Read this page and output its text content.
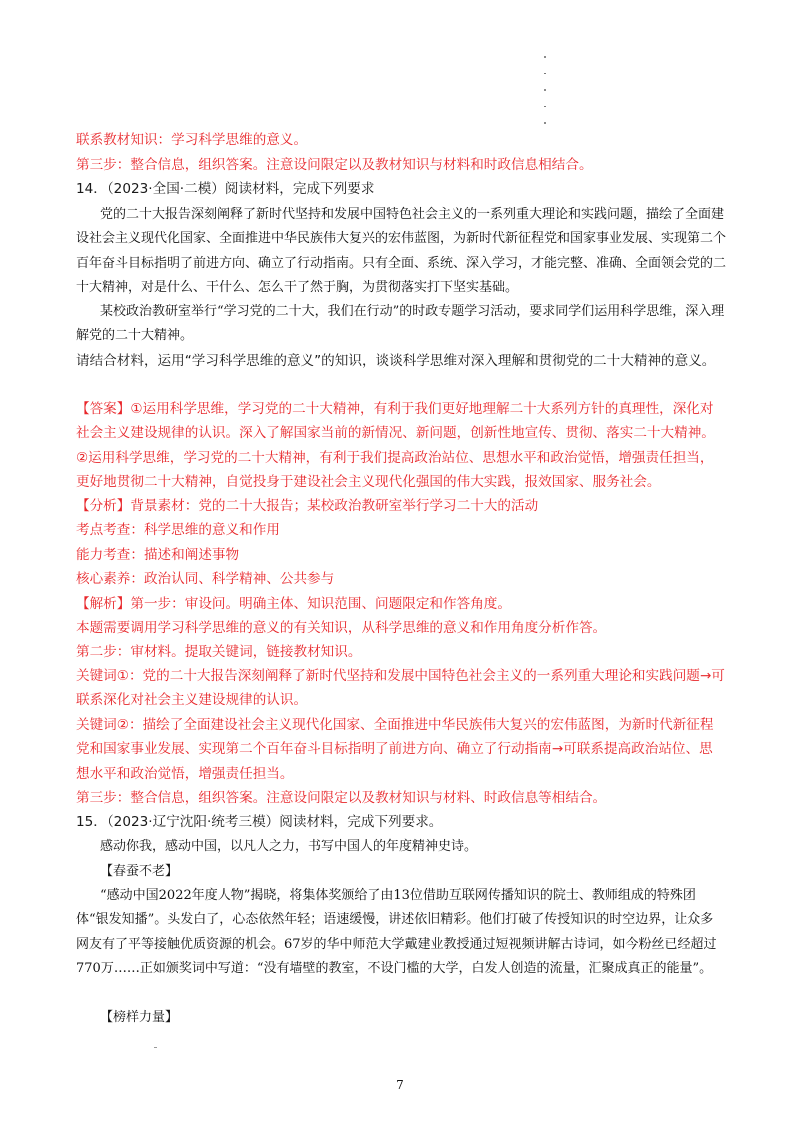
联系教材知识：学习科学思维的意义。
第三步：整合信息，组织答案。注意设问限定以及教材知识与材料和时政信息相结合。
14．（2023·全国·二模）阅读材料，完成下列要求
党的二十大报告深刻阐释了新时代坚持和发展中国特色社会主义的一系列重大理论和实践问题，描绘了全面建设社会主义现代化国家、全面推进中华民族伟大复兴的宏伟蓝图，为新时代新征程党和国家事业发展、实现第二个百年奋斗目标指明了前进方向、确立了行动指南。只有全面、系统、深入学习，才能完整、准确、全面领会党的二十大精神，对是什么、干什么、怎么干了然于胸，为贯彻落实打下坚实基础。
某校政治教研室举行“学习党的二十大，我们在行动”的时政专题学习活动，要求同学们运用科学思维，深入理解党的二十大精神。
请结合材料，运用“学习科学思维的意义”的知识，谈谈科学思维对深入理解和贯彻党的二十大精神的意义。
【答案】①运用科学思维，学习党的二十大精神，有利于我们更好地理解二十大系列方针的真理性，深化对社会主义建设规律的认识。深入了解国家当前的新情况、新问题，创新性地宣传、贯彻、落实二十大精神。②运用科学思维，学习党的二十大精神，有利于我们提高政治站位、思想水平和政治觉悟，增强责任担当，更好地贯彻二十大精神，自觉投身于建设社会主义现代化强国的伟大实践，报效国家、服务社会。
【分析】背景素材：党的二十大报告；某校政治教研室举行学习二十大的活动
考点考查：科学思维的意义和作用
能力考查：描述和阐述事物
核心素养：政治认同、科学精神、公共参与
【解析】第一步：审设问。明确主体、知识范围、问题限定和作答角度。
本题需要调用学习科学思维的意义的有关知识，从科学思维的意义和作用角度分析作答。
第二步：审材料。提取关键词，链接教材知识。
关键词①：党的二十大报告深刻阐释了新时代坚持和发展中国特色社会主义的一系列重大理论和实践问题→可联系深化对社会主义建设规律的认识。
关键词②：描绘了全面建设社会主义现代化国家、全面推进中华民族伟大复兴的宏伟蓝图，为新时代新征程党和国家事业发展、实现第二个百年奋斗目标指明了前进方向、确立了行动指南→可联系提高政治站位、思想水平和政治觉悟，增强责任担当。
第三步：整合信息，组织答案。注意设问限定以及教材知识与材料、时政信息等相结合。
15．（2023·辽宁沈阳·统考三模）阅读材料，完成下列要求。
感动你我，感动中国，以凡人之力，书写中国人的年度精神史诗。
【春蚕不老】
“感动中国2022年度人物”揭晓，将集体奖颁给了由13位借助互联网传播知识的院士、教师组成的特殊团体“银发知播”。头发白了，心态依然年轻；语速缓慢，讲述依旧精彩。他们打破了传授知识的时空边界，让众多网友有了平等接触优质资源的机会。67岁的华中师范大学戴建业教授通过短视频讲解古诗词，如今粉丝已经超过770万……正如颁奖词中写道：“没有墙壁的教室，不设门槛的大学，白发人创造的流量，汇聚成真正的能量”。
【榜样力量】
7
